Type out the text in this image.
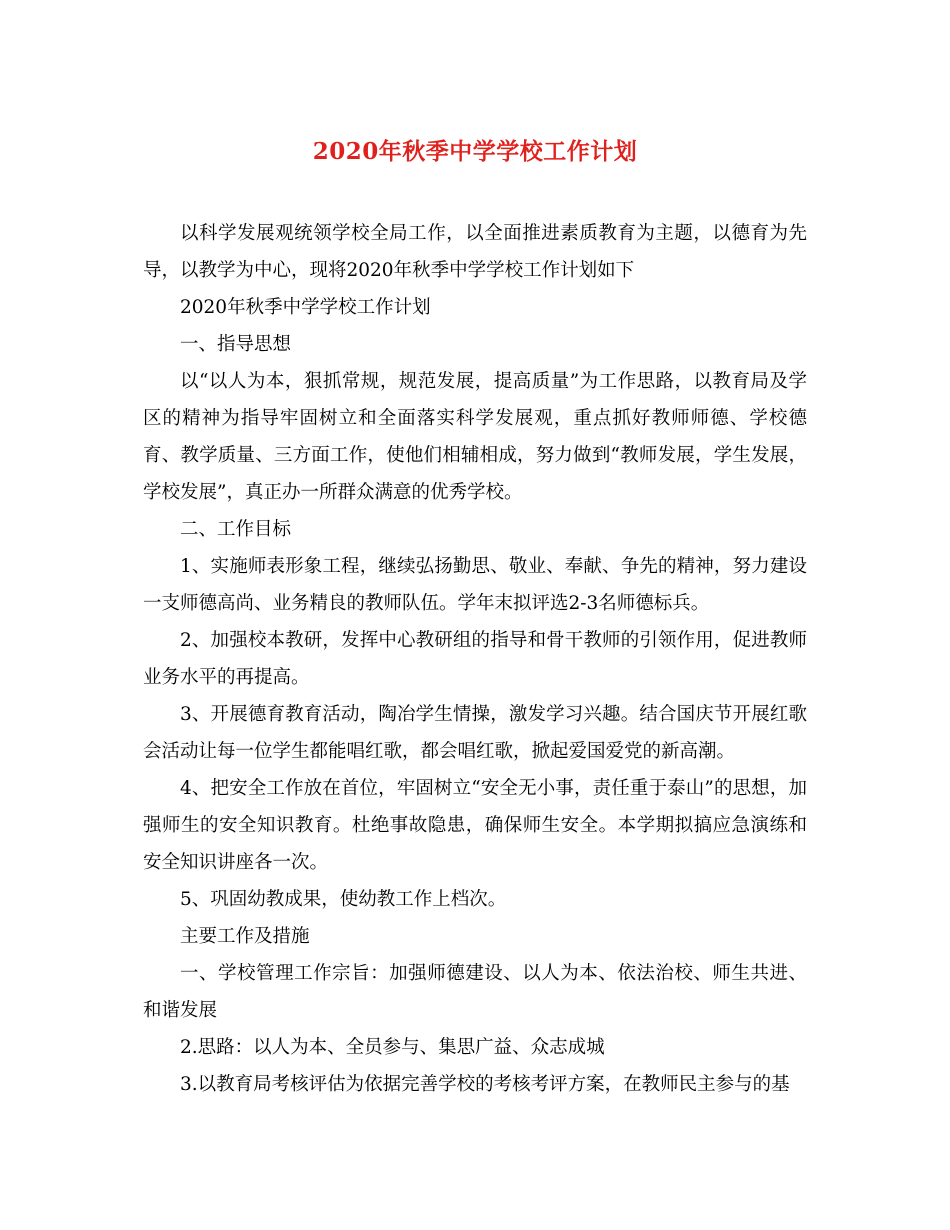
2020年秋季中学学校工作计划

以科学发展观统领学校全局工作，以全面推进素质教育为主题，以德育为先导，以教学为中心，现将2020年秋季中学学校工作计划如下

2020年秋季中学学校工作计划

一、指导思想

以“以人为本，狠抓常规，规范发展，提高质量”为工作思路，以教育局及学区的精神为指导牢固树立和全面落实科学发展观，重点抓好教师师德、学校德育、教学质量、三方面工作，使他们相辅相成，努力做到“教师发展，学生发展，学校发展”，真正办一所群众满意的优秀学校。

二、工作目标

1、实施师表形象工程，继续弘扬勤思、敬业、奉献、争先的精神，努力建设一支师德高尚、业务精良的教师队伍。学年末拟评选2-3名师德标兵。

2、加强校本教研，发挥中心教研组的指导和骨干教师的引领作用，促进教师业务水平的再提高。

3、开展德育教育活动，陶冶学生情操，激发学习兴趣。结合国庆节开展红歌会活动让每一位学生都能唱红歌，都会唱红歌，掀起爱国爱党的新高潮。

4、把安全工作放在首位，牢固树立“安全无小事，责任重于泰山”的思想，加强师生的安全知识教育。杜绝事故隐患，确保师生安全。本学期拟搞应急演练和安全知识讲座各一次。

5、巩固幼教成果，使幼教工作上档次。

主要工作及措施

一、学校管理工作宗旨：加强师德建设、以人为本、依法治校、师生共进、和谐发展

2.思路：以人为本、全员参与、集思广益、众志成城

3.以教育局考核评估为依据完善学校的考核考评方案，在教师民主参与的基
